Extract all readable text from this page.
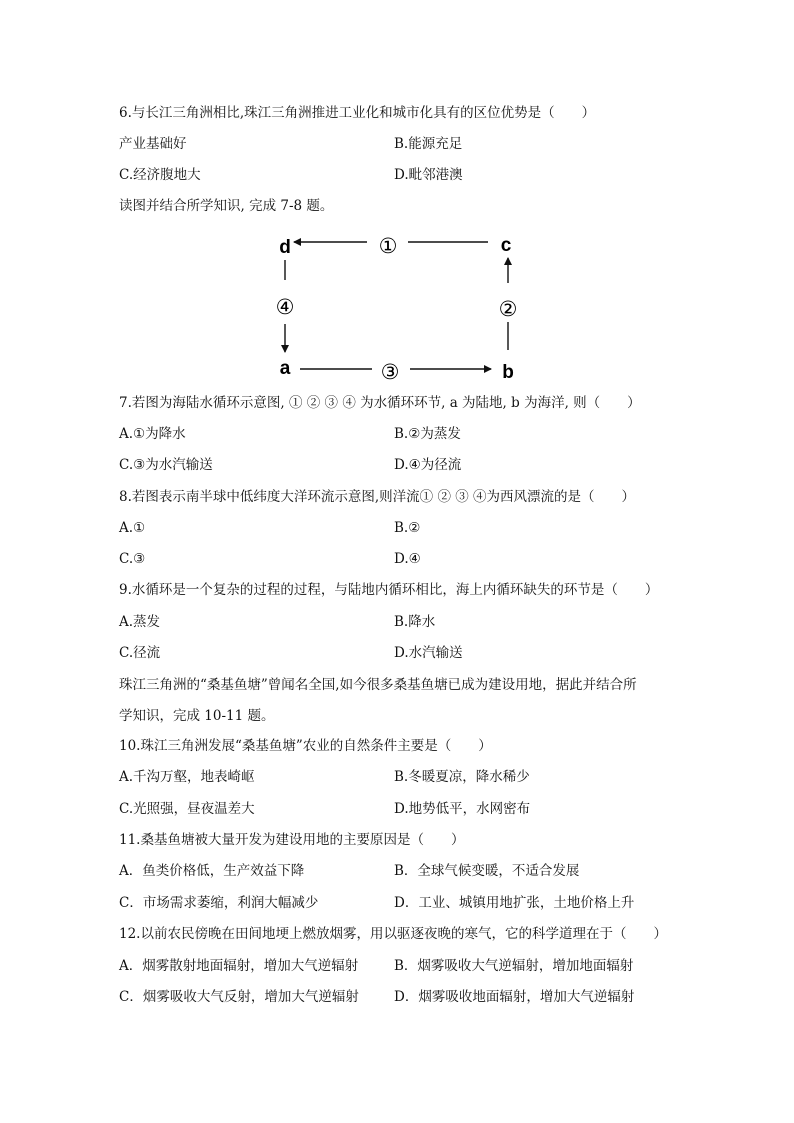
6.与长江三角洲相比,珠江三角洲推进工业化和城市化具有的区位优势是（　　）
产业基础好	B.能源充足
C.经济腹地大	D.毗邻港澳
读图并结合所学知识, 完成 7-8 题。
d	c
a	b
①
④	②
③
7.若图为海陆水循环示意图, ① ② ③ ④ 为水循环环节, a 为陆地, b 为海洋, 则（　　）
A.①为降水	B.②为蒸发
C.③为水汽输送	D.④为径流
8.若图表示南半球中低纬度大洋环流示意图,则洋流① ② ③ ④为西风漂流的是（　　）
A.①	B.②
C.③	D.④
9.水循环是一个复杂的过程的过程，与陆地内循环相比，海上内循环缺失的环节是（　　）
A.蒸发	B.降水
C.径流	D.水汽输送
珠江三角洲的“桑基鱼塘”曾闻名全国,如今很多桑基鱼塘已成为建设用地，据此并结合所
学知识，完成 10-11 题。
10.珠江三角洲发展“桑基鱼塘”农业的自然条件主要是（　　）
A.千沟万壑，地表崎岖	B.冬暖夏凉，降水稀少
C.光照强，昼夜温差大	D.地势低平，水网密布
11.桑基鱼塘被大量开发为建设用地的主要原因是（　　）
A．鱼类价格低，生产效益下降	B．全球气候变暖，不适合发展
C．市场需求萎缩，利润大幅减少	D．工业、城镇用地扩张，土地价格上升
12.以前农民傍晚在田间地埂上燃放烟雾，用以驱逐夜晚的寒气，它的科学道理在于（　　）
A．烟雾散射地面辐射，增加大气逆辐射	B．烟雾吸收大气逆辐射，增加地面辐射
C．烟雾吸收大气反射，增加大气逆辐射	D．烟雾吸收地面辐射，增加大气逆辐射
